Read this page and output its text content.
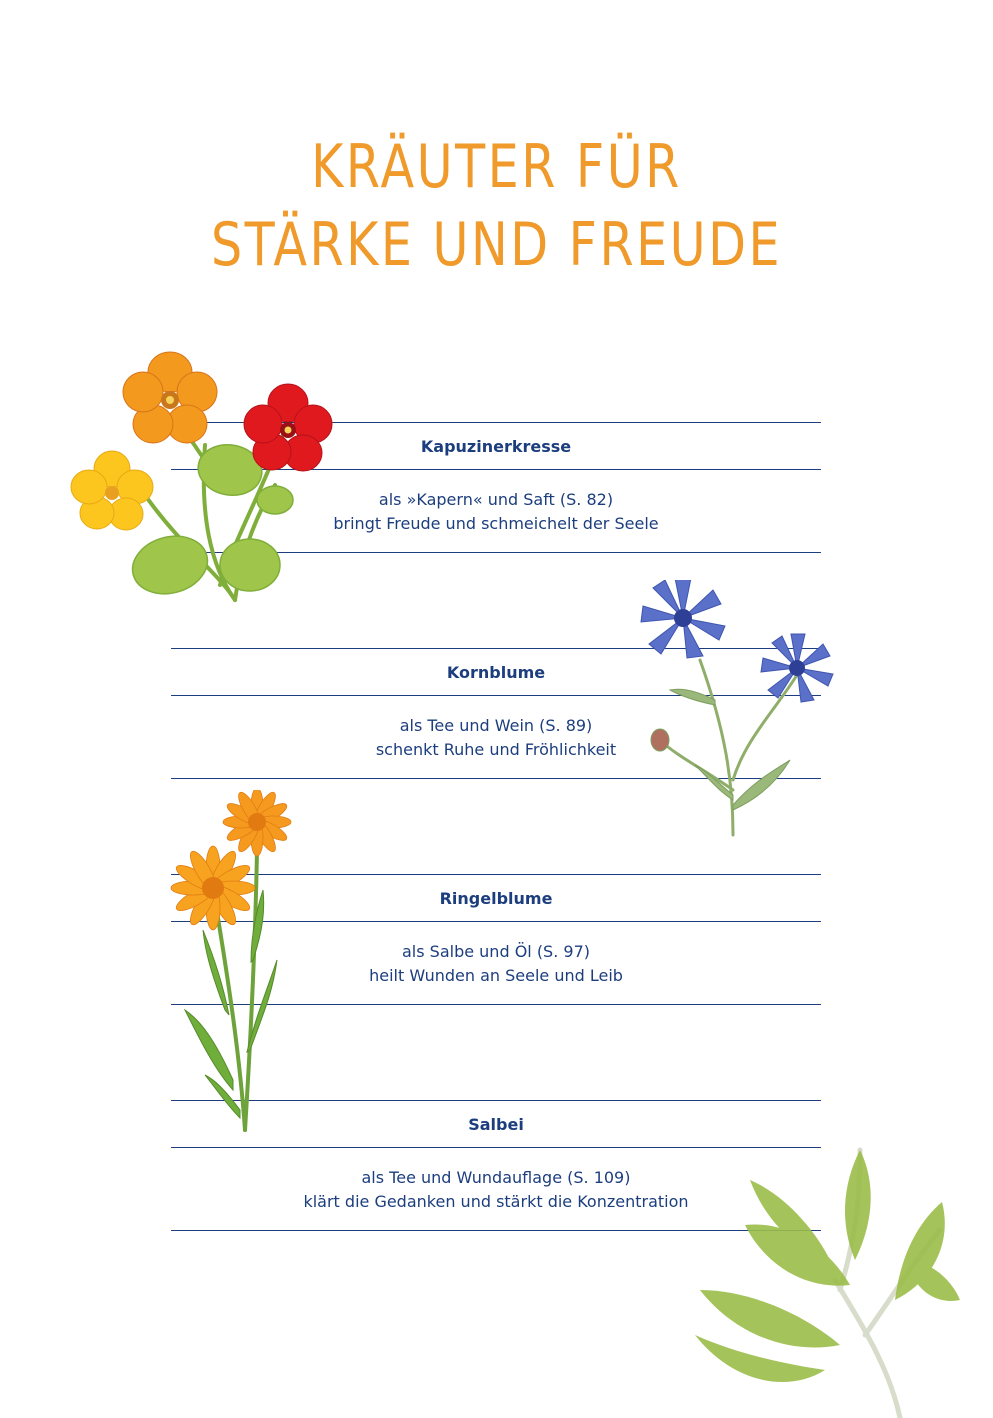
KRÄUTER FÜR
STÄRKE UND FREUDE
Kapuzinerkresse
als »Kapern« und Saft (S. 82)
bringt Freude und schmeichelt der Seele
Kornblume
als Tee und Wein (S. 89)
schenkt Ruhe und Fröhlichkeit
Ringelblume
als Salbe und Öl (S. 97)
heilt Wunden an Seele und Leib
Salbei
als Tee und Wundauflage (S. 109)
klärt die Gedanken und stärkt die Konzentration
